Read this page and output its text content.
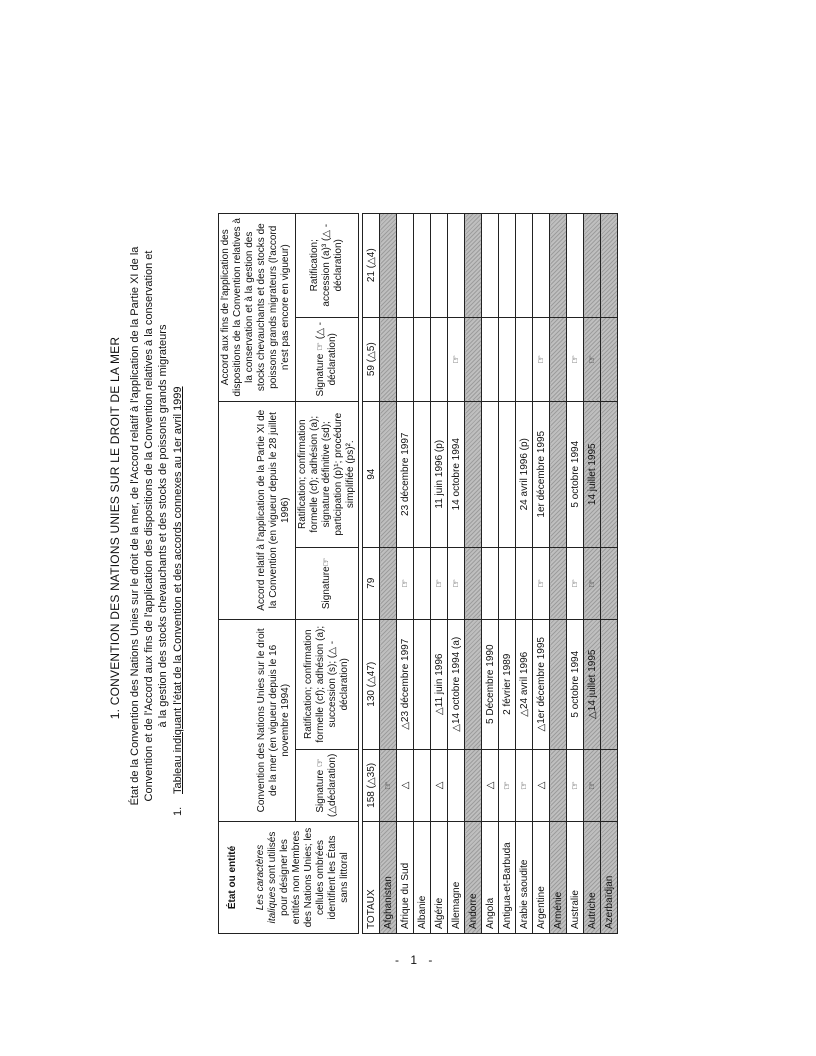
1. CONVENTION DES NATIONS UNIES SUR LE DROIT DE LA MER État de la Convention des Nations Unies sur le droit de la mer, de l'Accord relatif à l'application de la Partie XI de la Convention et de l'Accord aux fins de l'application des dispositions de la Convention relatives à la conservation et à la gestion des stocks chevauchants et des stocks de poissons grands migrateurs
1.Tableau indiquant l'état de la Convention et des accords connexes au 1er avril 1999
État ou entité Les caractères italiques sont utilisés pour désigner les entités non Membres des Nations Unies; les cellules ombrées identifient les États sans littoral	Convention des Nations Unies sur le droit de la mer (en vigueur depuis le 16 novembre 1994)		Accord relatif à l'application de la Partie XI de la Convention (en vigueur depuis le 28 juillet 1996)		Accord aux fins de l'application des dispositions de la Convention relatives à la conservation et à la gestion des stocks chevauchants et des stocks de poissons grands migrateurs (l'accord n'est pas encore en vigueur)	
	Signature ☞ (△déclaration)	Ratification; confirmation formelle (cf); adhésion (a); succession (s); (△ - déclaration)	Signature☞	Ratification; confirmation formelle (cf); adhésion (a); signature définitive (sd); participation (p)¹; procédure simplifiée (ps)².	Signature ☞ (△ - déclaration)	Ratification; accession (a)³ (△ - déclaration)

TOTAUX	158 (△35)	130 (△47)	79	94	59 (△5)	21 (△4)
Afghanistan	☞					
Afrique du Sud	△	△23 décembre 1997	☞	23 décembre 1997		
Albanie						
Algérie	△	△11 juin 1996	☞	11 juin 1996 (p)		
Allemagne		△14 octobre 1994 (a)	☞	14 octobre 1994	☞	
Andorre						
Angola	△	5 Décembre 1990				
Antigua-et-Barbuda	☞	2 février 1989				
Arabie saoudite	☞	△24 avril 1996		24 avril 1996 (p)		
Argentine	△	△1er décembre 1995	☞	1er décembre 1995	☞	
Arménie						
Australie	☞	5 octobre 1994	☞	5 octobre 1994	☞	
Autriche	☞	△14 juillet 1995	☞	14 juillet 1995	☞	
Azerbaïdjan						
- 1 -
